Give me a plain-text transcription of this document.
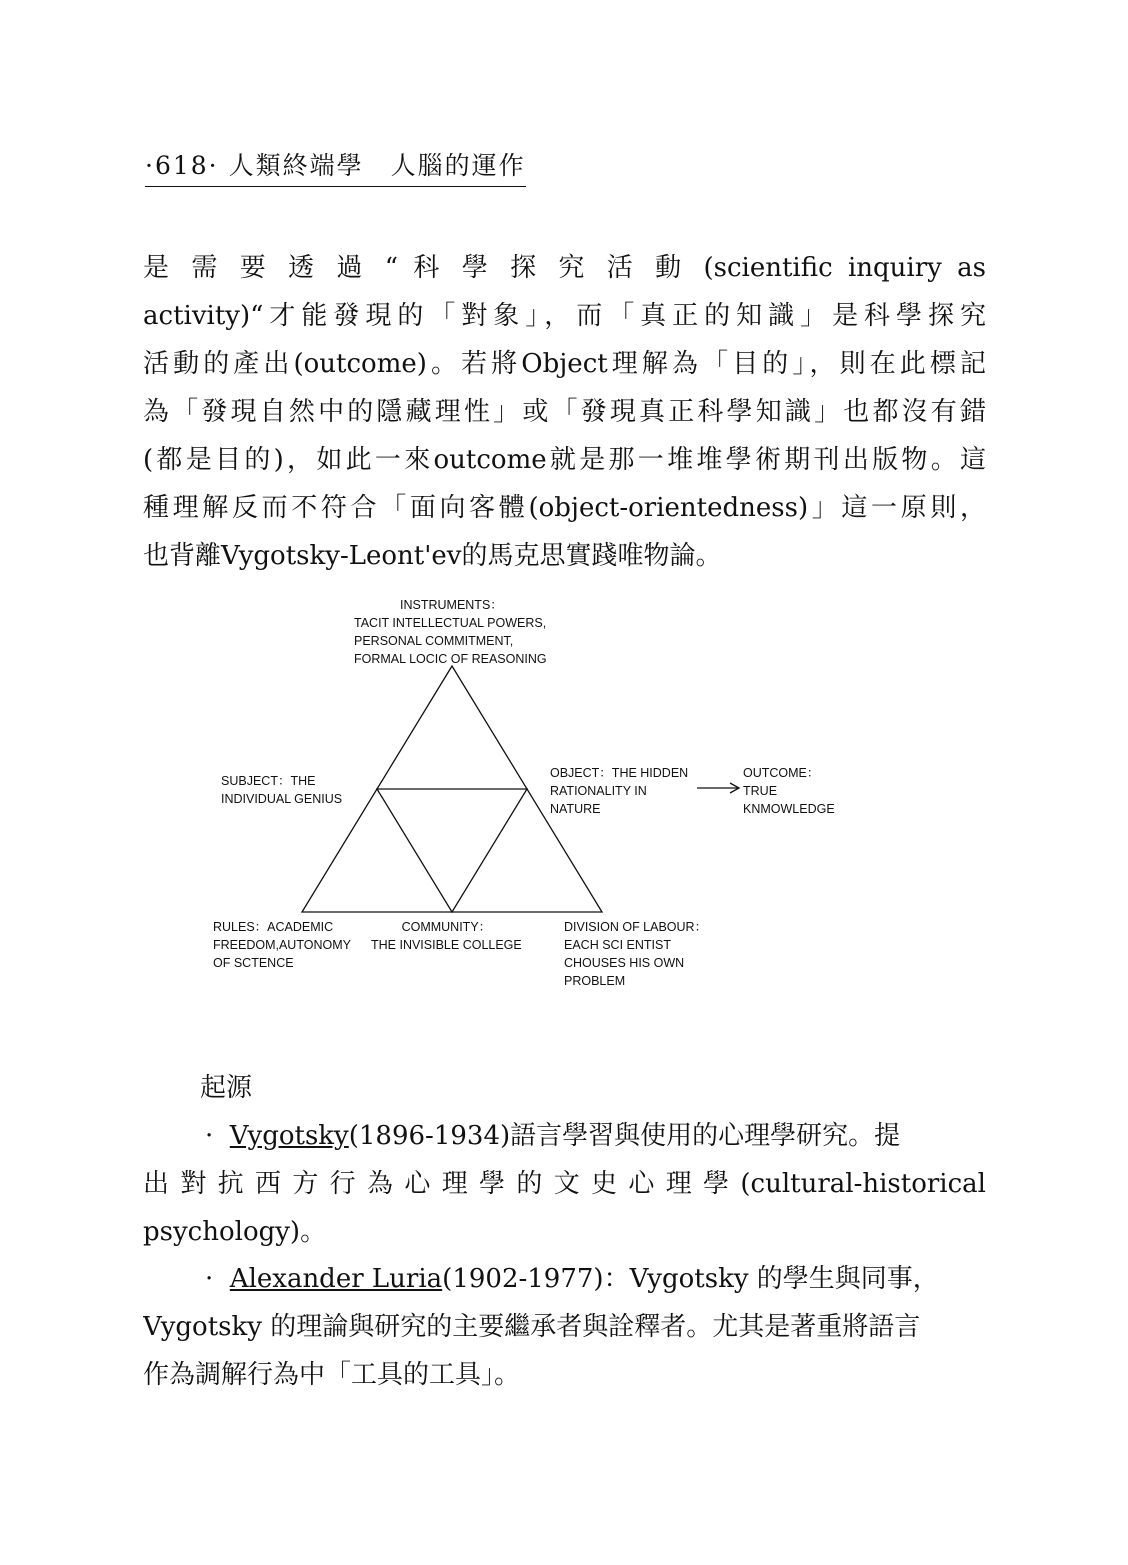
·618· 人類終端學　人腦的運作
是 需 要 透 過 “ 科 學 探 究 活 動 (scientific inquiry as
activity)“才能發現的「對象」，而「真正的知識」是科學探究
活動的產出(outcome)。若將Object理解為「目的」，則在此標記
為「發現自然中的隱藏理性」或「發現真正科學知識」也都沒有錯
(都是目的)，如此一來outcome就是那一堆堆學術期刊出版物。這
種理解反而不符合「面向客體(object-orientedness)」這一原則，
也背離Vygotsky-Leont'ev的馬克思實踐唯物論。
INSTRUMENTS：
TACIT INTELLECTUAL POWERS,
PERSONAL COMMITMENT,
FORMAL LOCIC OF REASONING
SUBJECT：THE
INDIVIDUAL GENIUS
OBJECT：THE HIDDEN
RATIONALITY IN
NATURE
OUTCOME：
TRUE
KNMOWLEDGE
RULES：ACADEMIC
FREEDOM,AUTONOMY
OF SCTENCE
COMMUNITY：
THE INVISIBLE COLLEGE
DIVISION OF LABOUR：
EACH SCI ENTIST
CHOUSES HIS OWN
PROBLEM
起源
· Vygotsky(1896-1934)語言學習與使用的心理學研究。提
出對抗西方行為心理學的文史心理學(cultural-historical
psychology)。
· Alexander Luria(1902-1977)：Vygotsky 的學生與同事，
Vygotsky 的理論與研究的主要繼承者與詮釋者。尤其是著重將語言
作為調解行為中「工具的工具」。
